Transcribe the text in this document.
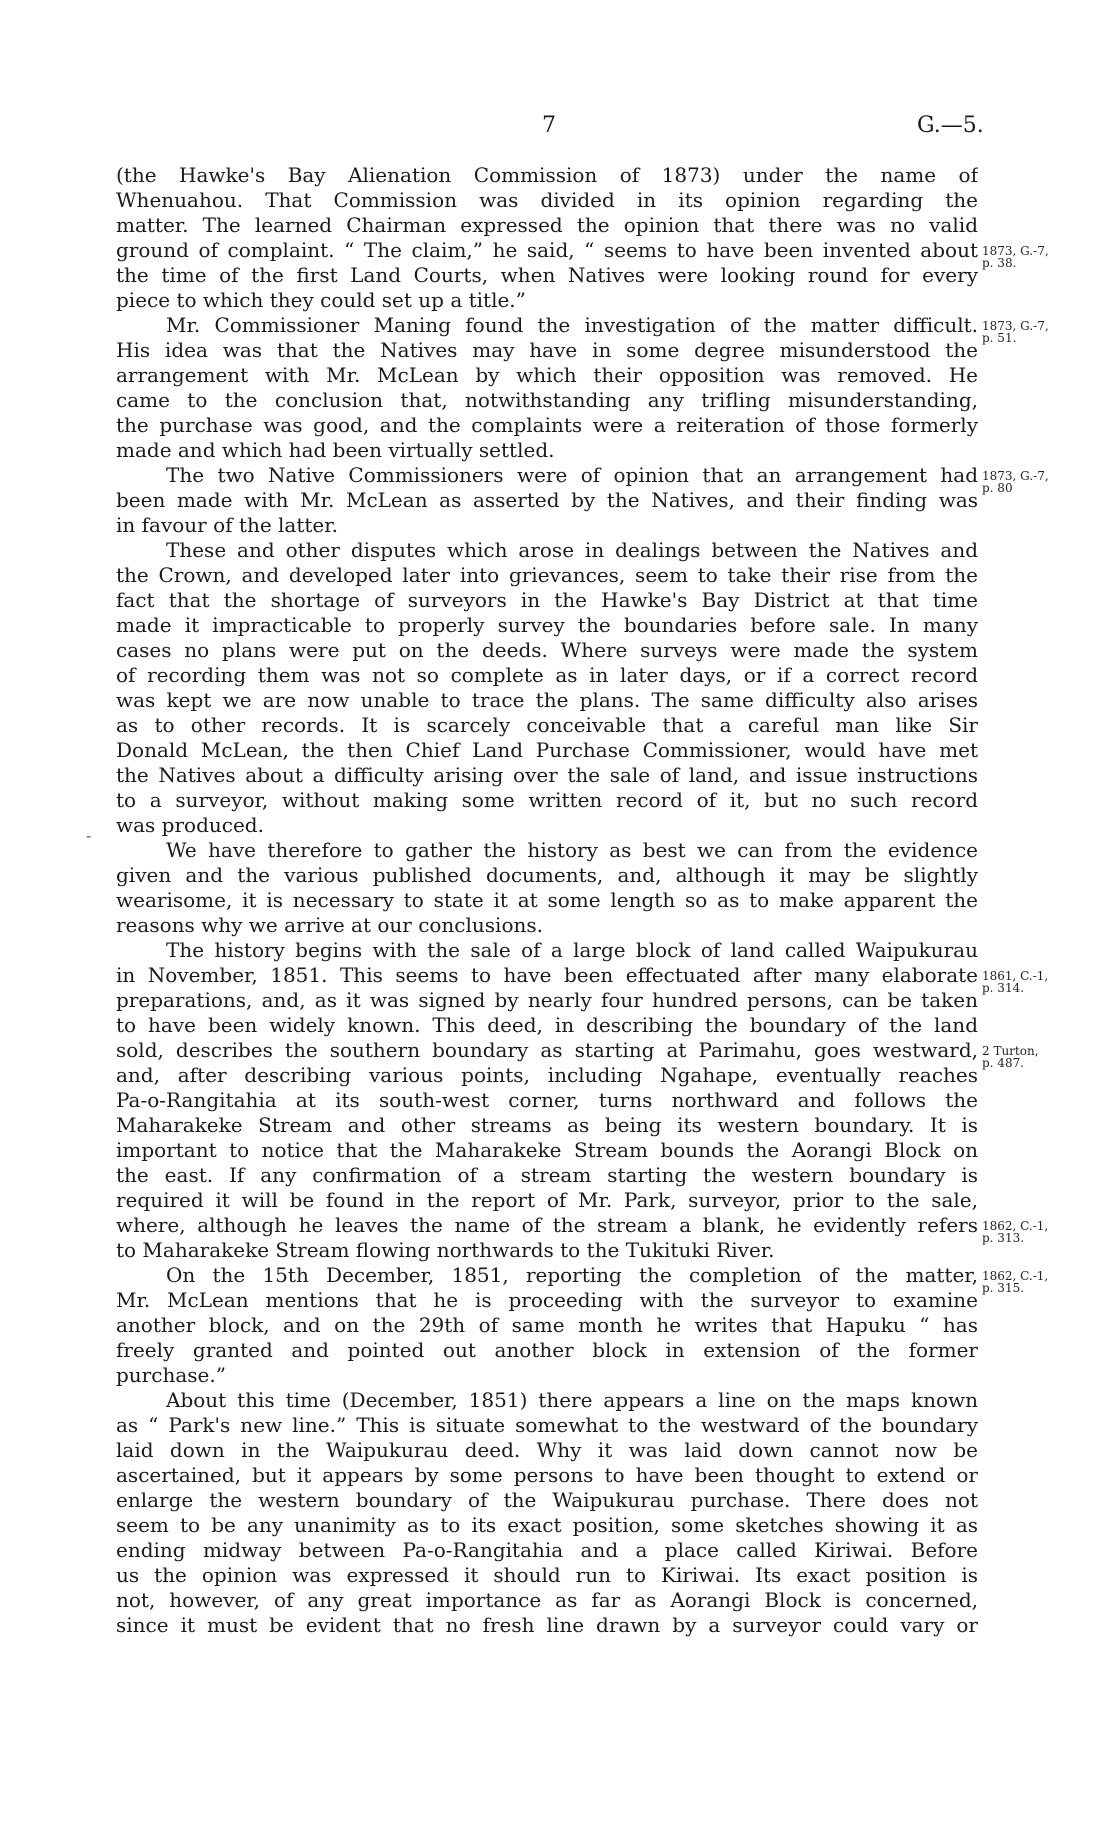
7	G.—5.
(the Hawke's Bay Alienation Commission of 1873) under the name of
Whenuahou. That Commission was divided in its opinion regarding the
matter. The learned Chairman expressed the opinion that there was no valid
ground of complaint. “ The claim,” he said, “ seems to have been invented about
the time of the first Land Courts, when Natives were looking round for every
piece to which they could set up a title.”
Mr. Commissioner Maning found the investigation of the matter difficult.
His idea was that the Natives may have in some degree misunderstood the
arrangement with Mr. McLean by which their opposition was removed. He
came to the conclusion that, notwithstanding any trifling misunderstanding,
the purchase was good, and the complaints were a reiteration of those formerly
made and which had been virtually settled.
The two Native Commissioners were of opinion that an arrangement had
been made with Mr. McLean as asserted by the Natives, and their finding was
in favour of the latter.
These and other disputes which arose in dealings between the Natives and
the Crown, and developed later into grievances, seem to take their rise from the
fact that the shortage of surveyors in the Hawke's Bay District at that time
made it impracticable to properly survey the boundaries before sale. In many
cases no plans were put on the deeds. Where surveys were made the system
of recording them was not so complete as in later days, or if a correct record
was kept we are now unable to trace the plans. The same difficulty also arises
as to other records. It is scarcely conceivable that a careful man like Sir
Donald McLean, the then Chief Land Purchase Commissioner, would have met
the Natives about a difficulty arising over the sale of land, and issue instructions
to a surveyor, without making some written record of it, but no such record
was produced.
We have therefore to gather the history as best we can from the evidence
given and the various published documents, and, although it may be slightly
wearisome, it is necessary to state it at some length so as to make apparent the
reasons why we arrive at our conclusions.
The history begins with the sale of a large block of land called Waipukurau
in November, 1851. This seems to have been effectuated after many elaborate
preparations, and, as it was signed by nearly four hundred persons, can be taken
to have been widely known. This deed, in describing the boundary of the land
sold, describes the southern boundary as starting at Parimahu, goes westward,
and, after describing various points, including Ngahape, eventually reaches
Pa-o-Rangitahia at its south-west corner, turns northward and follows the
Maharakeke Stream and other streams as being its western boundary. It is
important to notice that the Maharakeke Stream bounds the Aorangi Block on
the east. If any confirmation of a stream starting the western boundary is
required it will be found in the report of Mr. Park, surveyor, prior to the sale,
where, although he leaves the name of the stream a blank, he evidently refers
to Maharakeke Stream flowing northwards to the Tukituki River.
On the 15th December, 1851, reporting the completion of the matter,
Mr. McLean mentions that he is proceeding with the surveyor to examine
another block, and on the 29th of same month he writes that Hapuku “ has
freely granted and pointed out another block in extension of the former
purchase.”
About this time (December, 1851) there appears a line on the maps known
as “ Park's new line.” This is situate somewhat to the westward of the boundary
laid down in the Waipukurau deed. Why it was laid down cannot now be
ascertained, but it appears by some persons to have been thought to extend or
enlarge the western boundary of the Waipukurau purchase. There does not
seem to be any unanimity as to its exact position, some sketches showing it as
ending midway between Pa-o-Rangitahia and a place called Kiriwai. Before
us the opinion was expressed it should run to Kiriwai. Its exact position is
not, however, of any great importance as far as Aorangi Block is concerned,
since it must be evident that no fresh line drawn by a surveyor could vary or
1873, G.-7,
p. 38.
1873, G.-7,
p. 51.
1873, G.-7,
p. 80
1861, C.-1,
p. 314.
2 Turton,
p. 487.
1862, C.-1,
p. 313.
1862, C.-1,
p. 315.
-
